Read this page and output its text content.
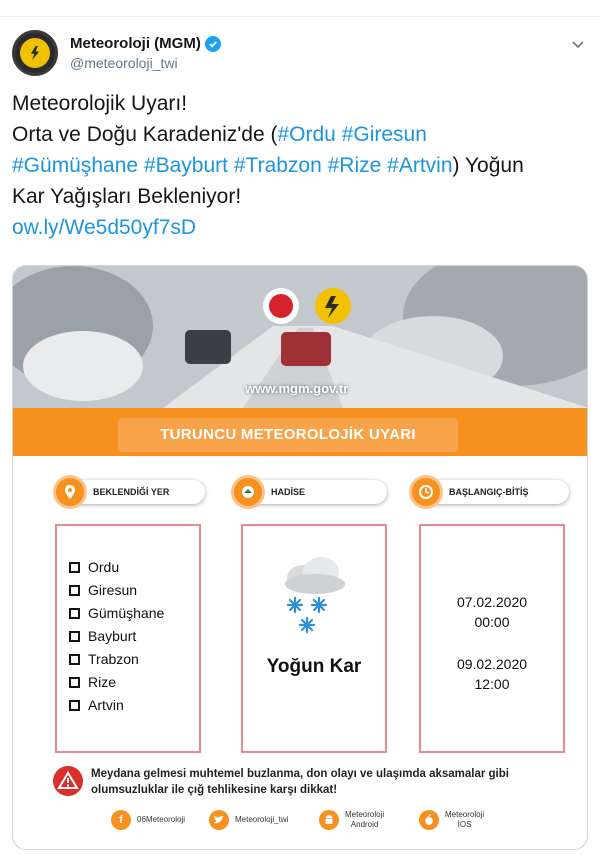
Meteoroloji (MGM)
@meteoroloji_twi
Meteorolojik Uyarı!
Orta ve Doğu Karadeniz'de (#Ordu #Giresun
#Gümüşhane #Bayburt #Trabzon #Rize #Artvin) Yoğun
Kar Yağışları Bekleniyor!
ow.ly/We5d50yf7sD
www.mgm.gov.tr
TURUNCU METEOROLOJİK UYARI
BEKLENDİĞİ YER	HADİSE	BAŞLANGIÇ-BİTİŞ
Ordu
Giresun
Gümüşhane
Bayburt
Trabzon
Rize
Artvin
Yoğun Kar
07.02.2020
00:00
09.02.2020
12:00
Meydana gelmesi muhtemel buzlanma, don olayı ve ulaşımda aksamalar gibi olumsuzluklar ile çığ tehlikesine karşı dikkat!
f	06Meteoroloji	Meteoroloji_twi
Meteoroloji
Android
Meteoroloji
İOS
